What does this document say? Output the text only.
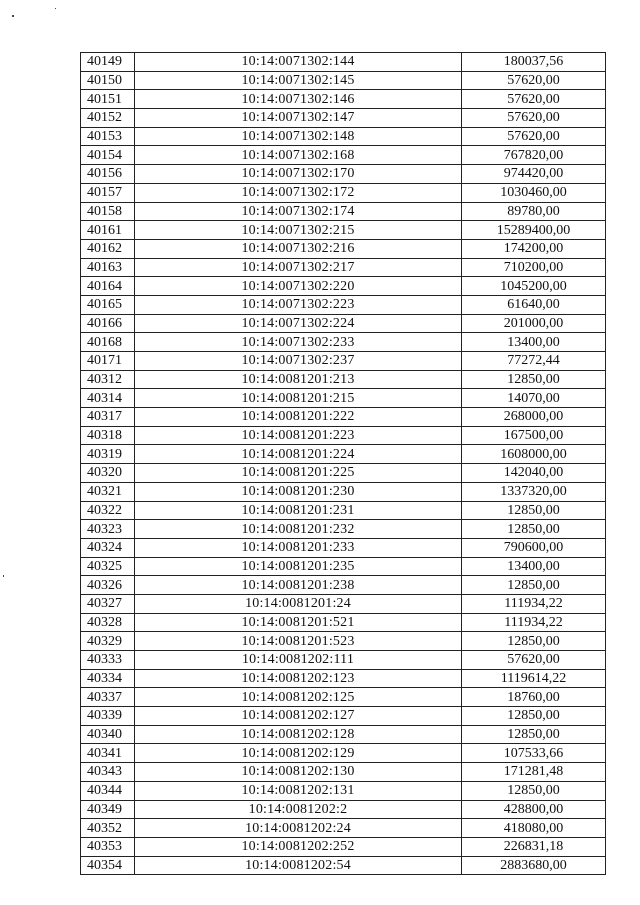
40149	10:14:0071302:144	180037,56
40150	10:14:0071302:145	57620,00
40151	10:14:0071302:146	57620,00
40152	10:14:0071302:147	57620,00
40153	10:14:0071302:148	57620,00
40154	10:14:0071302:168	767820,00
40156	10:14:0071302:170	974420,00
40157	10:14:0071302:172	1030460,00
40158	10:14:0071302:174	89780,00
40161	10:14:0071302:215	15289400,00
40162	10:14:0071302:216	174200,00
40163	10:14:0071302:217	710200,00
40164	10:14:0071302:220	1045200,00
40165	10:14:0071302:223	61640,00
40166	10:14:0071302:224	201000,00
40168	10:14:0071302:233	13400,00
40171	10:14:0071302:237	77272,44
40312	10:14:0081201:213	12850,00
40314	10:14:0081201:215	14070,00
40317	10:14:0081201:222	268000,00
40318	10:14:0081201:223	167500,00
40319	10:14:0081201:224	1608000,00
40320	10:14:0081201:225	142040,00
40321	10:14:0081201:230	1337320,00
40322	10:14:0081201:231	12850,00
40323	10:14:0081201:232	12850,00
40324	10:14:0081201:233	790600,00
40325	10:14:0081201:235	13400,00
40326	10:14:0081201:238	12850,00
40327	10:14:0081201:24	111934,22
40328	10:14:0081201:521	111934,22
40329	10:14:0081201:523	12850,00
40333	10:14:0081202:111	57620,00
40334	10:14:0081202:123	1119614,22
40337	10:14:0081202:125	18760,00
40339	10:14:0081202:127	12850,00
40340	10:14:0081202:128	12850,00
40341	10:14:0081202:129	107533,66
40343	10:14:0081202:130	171281,48
40344	10:14:0081202:131	12850,00
40349	10:14:0081202:2	428800,00
40352	10:14:0081202:24	418080,00
40353	10:14:0081202:252	226831,18
40354	10:14:0081202:54	2883680,00
